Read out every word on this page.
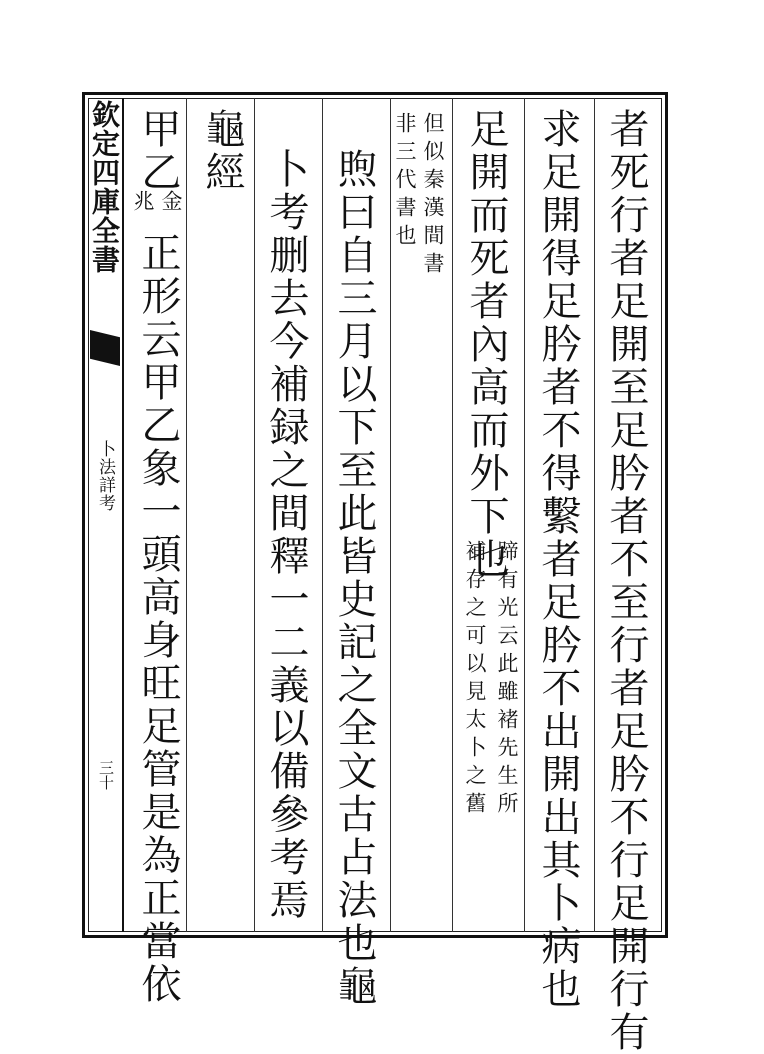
欽定四庫全書
卜法詳考
三十	者死行者足開至足肣者不至行者足肣不行足開行有
求足開得足肣者不得繫者足肣不出開出其卜病也
足開而死者內高而外下也
蹄有光云此雖褚先生所
補存之可以見太卜之舊
但似秦漢間書
非三代書也
煦曰自三月以下至此皆史記之全文古占法也龜
卜考删去今補録之間釋一二義以備參考焉
龜經
甲乙
金
兆
正形云甲乙象一頭高身旺足管是為正當依
